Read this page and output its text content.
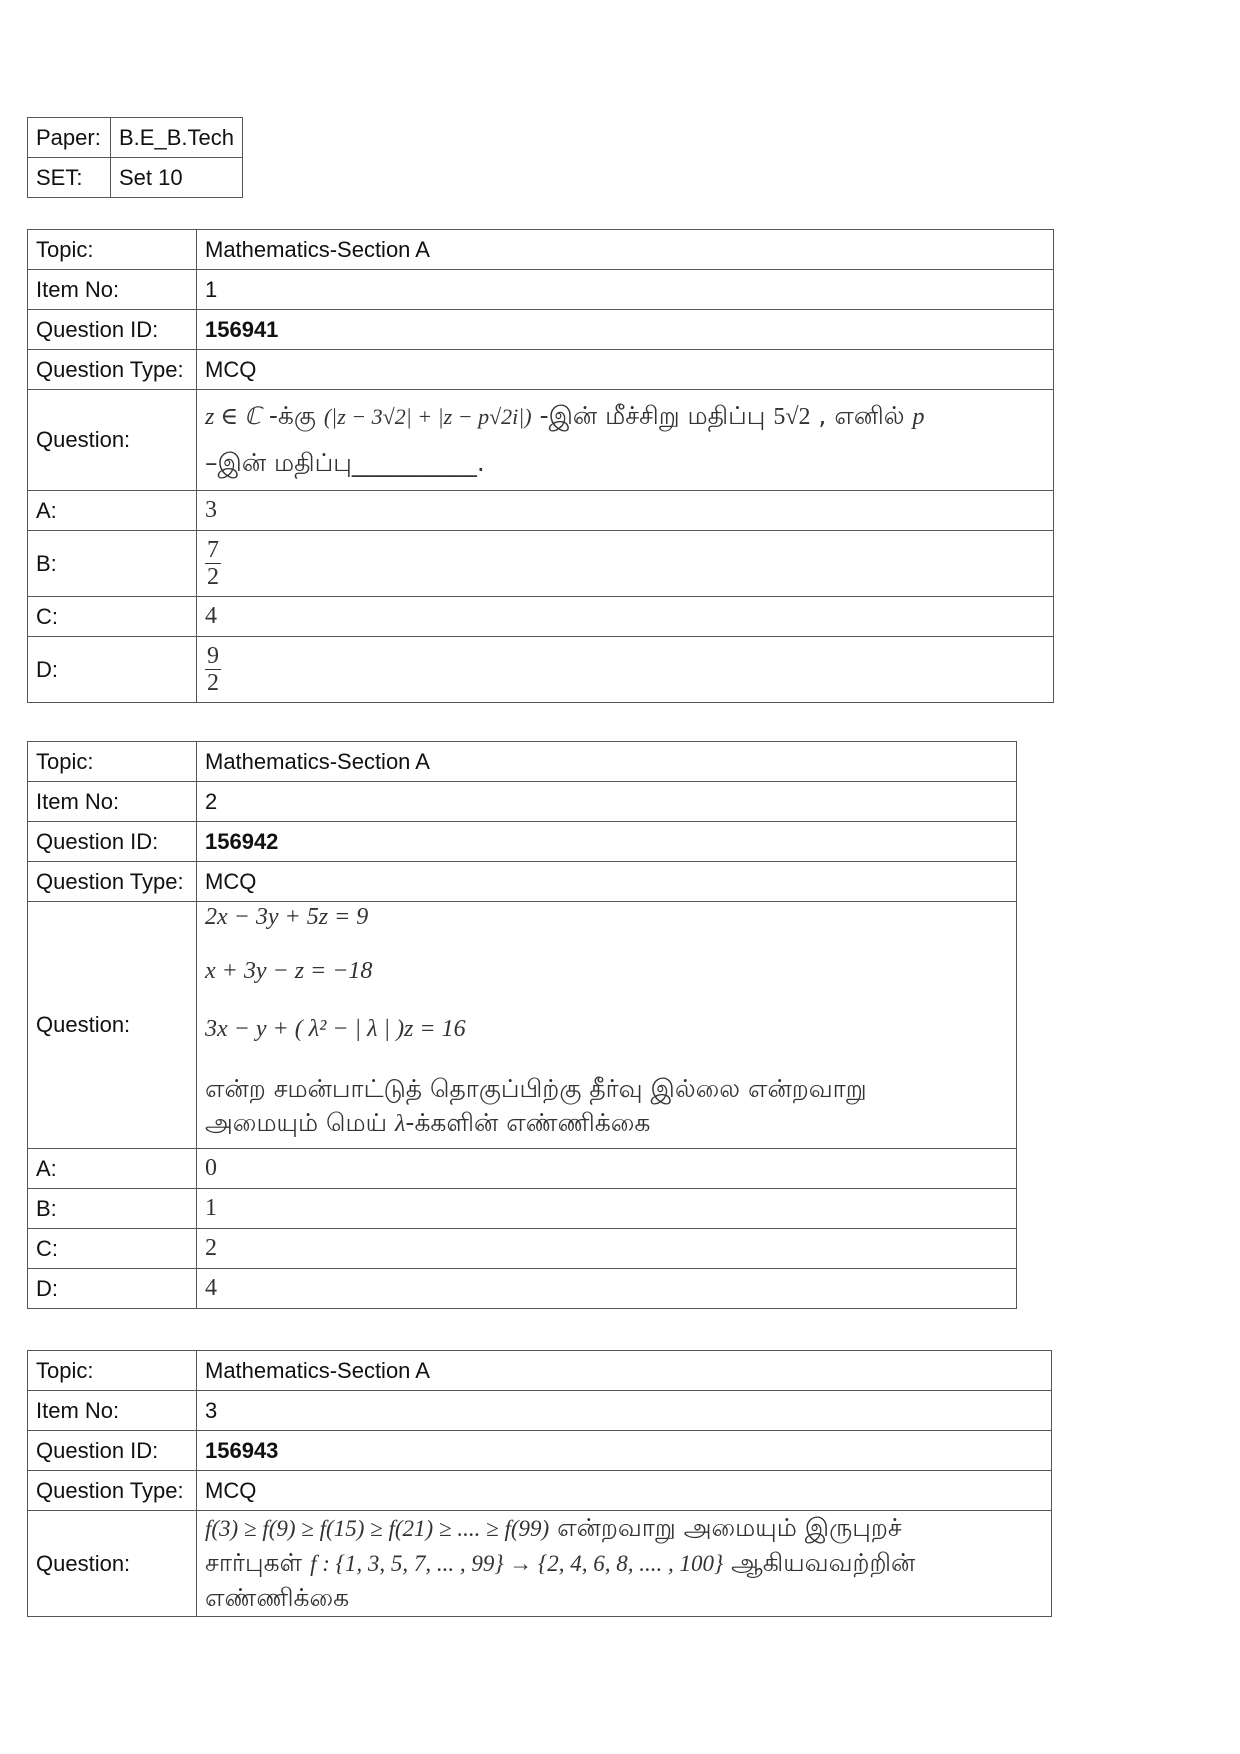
Paper:	B.E_B.Tech
SET:	Set 10
Topic:	Mathematics-Section A
Item No:	1
Question ID:	156941
Question Type:	MCQ
Question:	z ∈ ℂ -க்கு (|z − 3√2| + |z − p√2i|) -இன் மீச்சிறு மதிப்பு 5√2 , எனில் p
–இன் மதிப்பு__________.
A:	3
B:	$\frac{7}{2}$

C:	4
D:	$\frac{9}{2}$
Topic:	Mathematics-Section A
Item No:	2
Question ID:	156942
Question Type:	MCQ
Question:	2x − 3y + 5z = 9
x + 3y − z = −18
3x − y + ( λ² − | λ | )z = 16
என்ற சமன்பாட்டுத் தொகுப்பிற்கு தீர்வு இல்லை என்றவாறு
அமையும் மெய் λ-க்களின் எண்ணிக்கை

A:	0
B:	1
C:	2
D:	4
Topic:	Mathematics-Section A
Item No:	3
Question ID:	156943
Question Type:	MCQ
Question:	f(3) ≥ f(9) ≥ f(15) ≥ f(21) ≥ .... ≥ f(99) என்றவாறு அமையும் இருபுறச்
சார்புகள் f : {1, 3, 5, 7, ... , 99} → {2, 4, 6, 8, .... , 100} ஆகியவவற்றின்
எண்ணிக்கை
